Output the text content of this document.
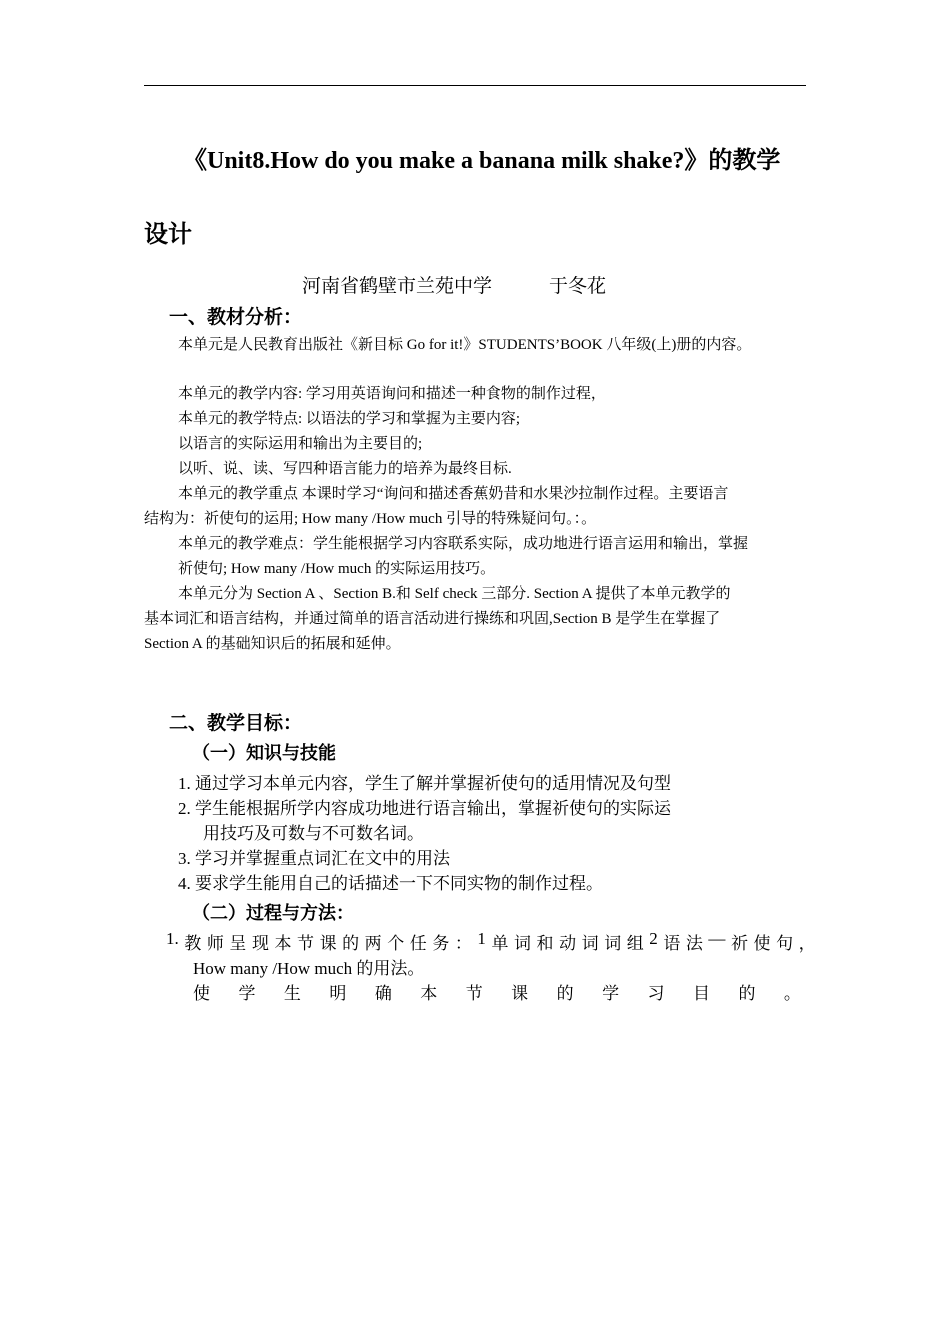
《Unit8.How do you make a banana milk shake?》的教学

设计

河南省鹤壁市兰苑中学　　　于冬花

一、教材分析：

本单元是人民教育出版社《新目标 Go for it!》STUDENTS’BOOK 八年级(上)册的内容。

本单元的教学内容: 学习用英语询问和描述一种食物的制作过程，

本单元的教学特点: 以语法的学习和掌握为主要内容;

以语言的实际运用和输出为主要目的;

以听、说、读、写四种语言能力的培养为最终目标.

本单元的教学重点 本课时学习“询问和描述香蕉奶昔和水果沙拉制作过程。主要语言

结构为：祈使句的运用; How many /How much 引导的特殊疑问句。：。

本单元的教学难点：学生能根据学习内容联系实际，成功地进行语言运用和输出，掌握

祈使句; How many /How much 的实际运用技巧。

本单元分为 Section A 、Section B.和 Self check 三部分. Section A 提供了本单元教学的

基本词汇和语言结构，并通过简单的语言活动进行操练和巩固,Section B 是学生在掌握了

Section A 的基础知识后的拓展和延伸。

二、教学目标：

（一）知识与技能

1. 通过学习本单元内容，学生了解并掌握祈使句的适用情况及句型

2. 学生能根据所学内容成功地进行语言输出，掌握祈使句的实际运

用技巧及可数与不可数名词。

3. 学习并掌握重点词汇在文中的用法

4. 要求学生能用自己的话描述一下不同实物的制作过程。

（二）过程与方法：

1. 教 师 呈 现 本 节 课 的 两 个 任 务 ： 1 单 词 和 动 词 词 组 2 语 法 — 祈 使 句 ，

How many /How much 的用法。

使 学 生 明 确 本 节 课 的 学 习 目 的 。
